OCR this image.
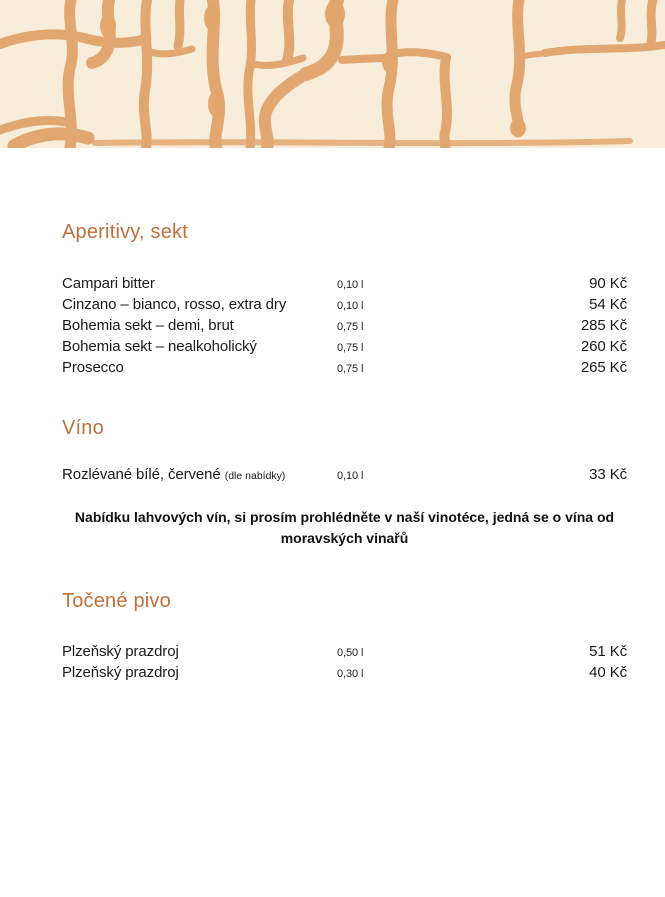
Aperitivy, sekt
Campari bitter	0,10 l	90 Kč
Cinzano – bianco, rosso, extra dry	0,10 l	54 Kč
Bohemia sekt – demi, brut	0,75 l	285 Kč
Bohemia sekt – nealkoholický	0,75 l	260 Kč
Prosecco	0,75 l	265 Kč
Víno
Rozlévané bílé, červené (dle nabídky)	0,10 l	33 Kč

Nabídku lahvových vín, si prosím prohlédněte v naší vinotéce, jedná se o vína od moravských vinařů

Točené pivo
Plzeňský prazdroj	0,50 l	51 Kč
Plzeňský prazdroj	0,30 l	40 Kč
